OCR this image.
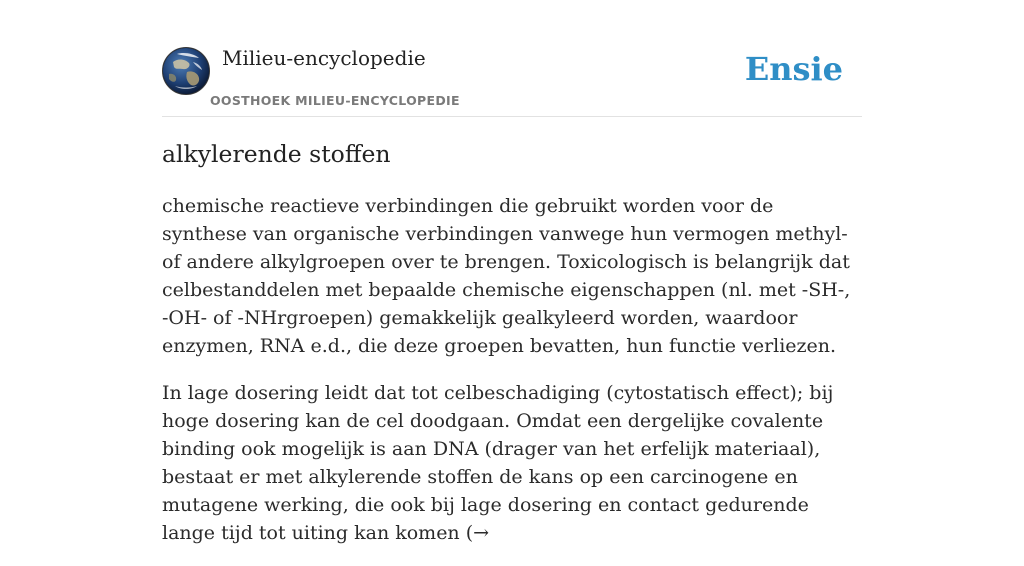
Milieu-encyclopedie
OOSTHOEK MILIEU-ENCYCLOPEDIE
Ensie
alkylerende stoffen

chemische reactieve verbindingen die gebruikt worden voor de synthese van organische verbindingen vanwege hun vermogen methyl- of andere alkylgroepen over te brengen. Toxicologisch is belangrijk dat celbestanddelen met bepaalde chemische eigenschappen (nl. met -SH-, -OH- of -NHrgroepen) gemakkelijk gealkyleerd worden, waardoor enzymen, RNA e.d., die deze groepen bevatten, hun functie verliezen.

In lage dosering leidt dat tot celbeschadiging (cytostatisch effect); bij hoge dosering kan de cel doodgaan. Omdat een dergelijke covalente binding ook mogelijk is aan DNA (drager van het erfelijk materiaal), bestaat er met alkylerende stoffen de kans op een carcinogene en mutagene werking, die ook bij lage dosering en contact gedurende lange tijd tot uiting kan komen (→
